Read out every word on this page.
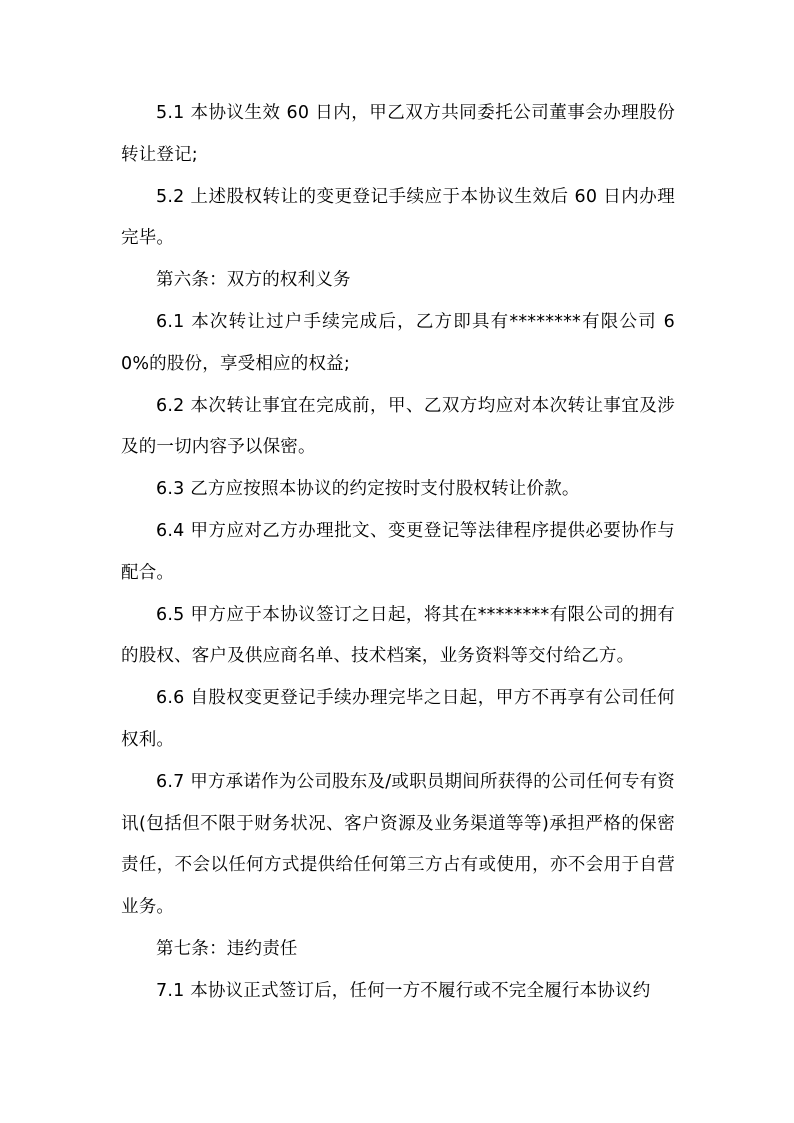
5.1 本协议生效 60 日内，甲乙双方共同委托公司董事会办理股份转让登记;

5.2 上述股权转让的变更登记手续应于本协议生效后 60 日内办理完毕。

第六条：双方的权利义务

6.1 本次转让过户手续完成后，乙方即具有********有限公司 60%的股份，享受相应的权益;

6.2 本次转让事宜在完成前，甲、乙双方均应对本次转让事宜及涉及的一切内容予以保密。

6.3 乙方应按照本协议的约定按时支付股权转让价款。

6.4 甲方应对乙方办理批文、变更登记等法律程序提供必要协作与配合。

6.5 甲方应于本协议签订之日起，将其在********有限公司的拥有的股权、客户及供应商名单、技术档案，业务资料等交付给乙方。

6.6 自股权变更登记手续办理完毕之日起，甲方不再享有公司任何权利。

6.7 甲方承诺作为公司股东及/或职员期间所获得的公司任何专有资讯(包括但不限于财务状况、客户资源及业务渠道等等)承担严格的保密责任，不会以任何方式提供给任何第三方占有或使用，亦不会用于自营业务。

第七条：违约责任

7.1 本协议正式签订后，任何一方不履行或不完全履行本协议约
